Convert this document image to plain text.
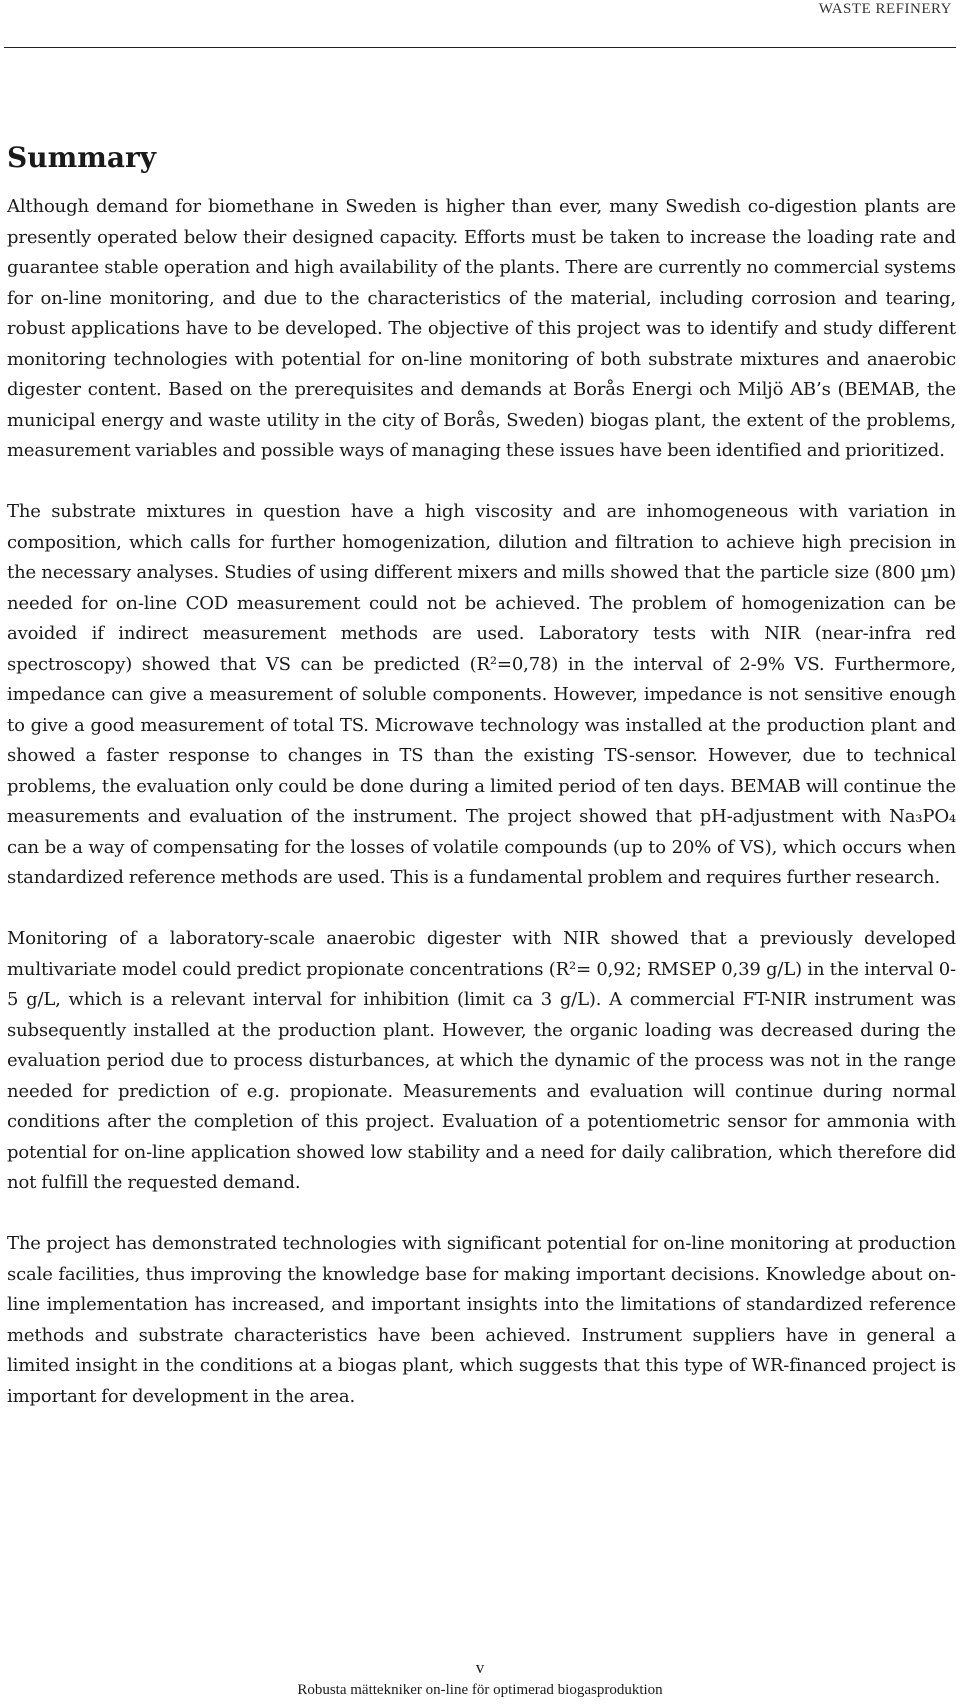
WASTE REFINERY
Summary

Although demand for biomethane in Sweden is higher than ever, many Swedish co-digestion plants are presently operated below their designed capacity. Efforts must be taken to increase the loading rate and guarantee stable operation and high availability of the plants. There are currently no commercial systems for on-line monitoring, and due to the characteristics of the material, including corrosion and tearing, robust applications have to be developed. The objective of this project was to identify and study different monitoring technologies with potential for on-line monitoring of both substrate mixtures and anaerobic digester content. Based on the prerequisites and demands at Borås Energi och Miljö AB’s (BEMAB, the municipal energy and waste utility in the city of Borås, Sweden) biogas plant, the extent of the problems, measurement variables and possible ways of managing these issues have been identified and prioritized.

The substrate mixtures in question have a high viscosity and are inhomogeneous with variation in composition, which calls for further homogenization, dilution and filtration to achieve high precision in the necessary analyses. Studies of using different mixers and mills showed that the particle size (800 µm) needed for on-line COD measurement could not be achieved. The problem of homogenization can be avoided if indirect measurement methods are used. Laboratory tests with NIR (near-infra red spectroscopy) showed that VS can be predicted (R²=0,78) in the interval of 2-9% VS. Furthermore, impedance can give a measurement of soluble components. However, impedance is not sensitive enough to give a good measurement of total TS. Microwave technology was installed at the production plant and showed a faster response to changes in TS than the existing TS-sensor. However, due to technical problems, the evaluation only could be done during a limited period of ten days. BEMAB will continue the measurements and evaluation of the instrument. The project showed that pH-adjustment with Na₃PO₄ can be a way of compensating for the losses of volatile compounds (up to 20% of VS), which occurs when standardized reference methods are used. This is a fundamental problem and requires further research.

Monitoring of a laboratory-scale anaerobic digester with NIR showed that a previously developed multivariate model could predict propionate concentrations (R²= 0,92; RMSEP 0,39 g/L) in the interval 0-5 g/L, which is a relevant interval for inhibition (limit ca 3 g/L). A commercial FT-NIR instrument was subsequently installed at the production plant. However, the organic loading was decreased during the evaluation period due to process disturbances, at which the dynamic of the process was not in the range needed for prediction of e.g. propionate. Measurements and evaluation will continue during normal conditions after the completion of this project. Evaluation of a potentiometric sensor for ammonia with potential for on-line application showed low stability and a need for daily calibration, which therefore did not fulfill the requested demand.

The project has demonstrated technologies with significant potential for on-line monitoring at production scale facilities, thus improving the knowledge base for making important decisions. Knowledge about on-line implementation has increased, and important insights into the limitations of standardized reference methods and substrate characteristics have been achieved. Instrument suppliers have in general a limited insight in the conditions at a biogas plant, which suggests that this type of WR-financed project is important for development in the area.

v
Robusta mättekniker on-line för optimerad biogasproduktion
